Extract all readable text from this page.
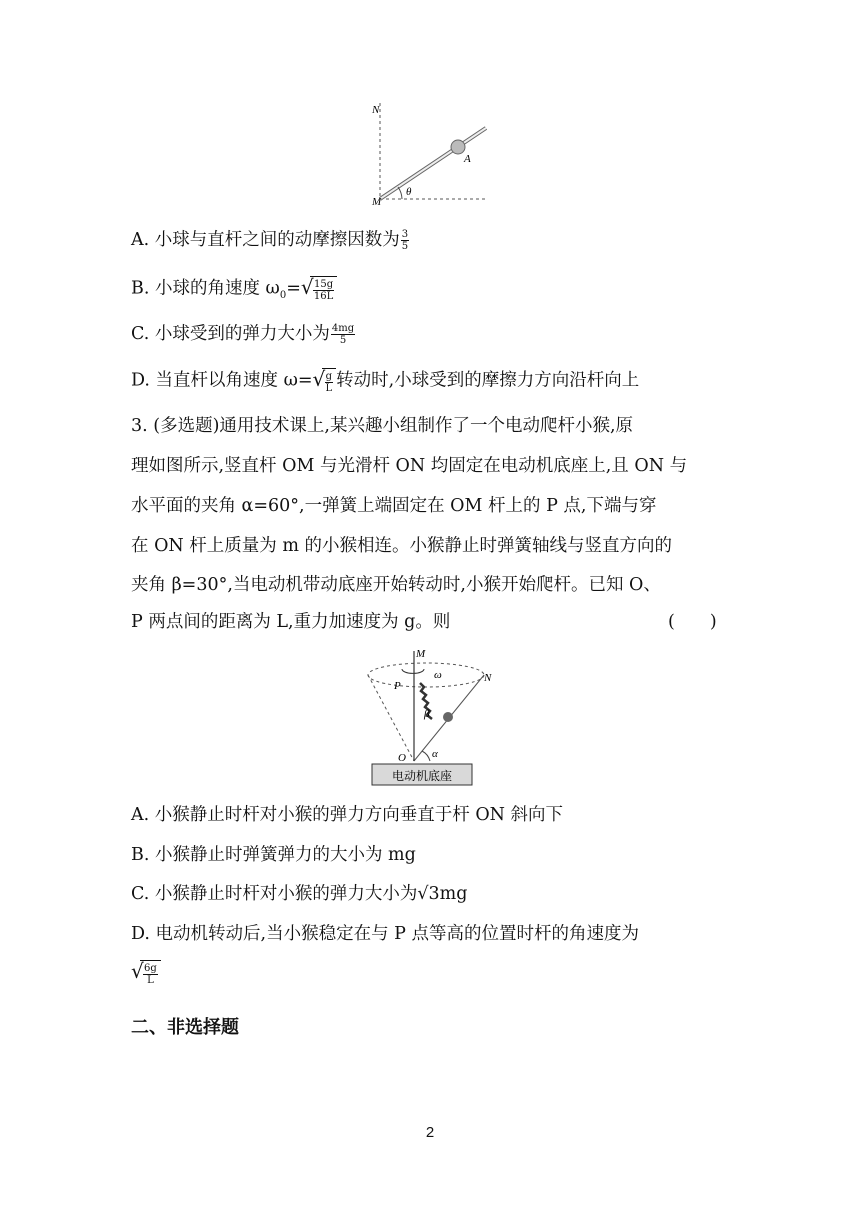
N
M
A
θ
A. 小球与直杆之间的动摩擦因数为 $\frac{3}{5}$
B. 小球的角速度 $\omega_0=$ √ $\frac{15g}{16L}$
C. 小球受到的弹力大小为 $\frac{4mg}{5}$
D. 当直杆以角速度 ω= √ $\frac{g}{L}$ 转动时,小球受到的摩擦力方向沿杆向上
3. (多选题)通用技术课上,某兴趣小组制作了一个电动爬杆小猴,原
理如图所示,竖直杆 OM 与光滑杆 ON 均固定在电动机底座上,且 ON 与
水平面的夹角 α=60°,一弹簧上端固定在 OM 杆上的 P 点,下端与穿
在 ON 杆上质量为 m 的小猴相连。小猴静止时弹簧轴线与竖直方向的
夹角 β=30°,当电动机带动底座开始转动时,小猴开始爬杆。已知 O、
P 两点间的距离为 L,重力加速度为 g。则	(　　)
M
N
P
O
ω
β
α
电动机底座
A. 小猴静止时杆对小猴的弹力方向垂直于杆 ON 斜向下
B. 小猴静止时弹簧弹力的大小为 mg
C. 小猴静止时杆对小猴的弹力大小为√3mg
D. 电动机转动后,当小猴稳定在与 P 点等高的位置时杆的角速度为
√ $\frac{6g}{L}$
二、非选择题
2
